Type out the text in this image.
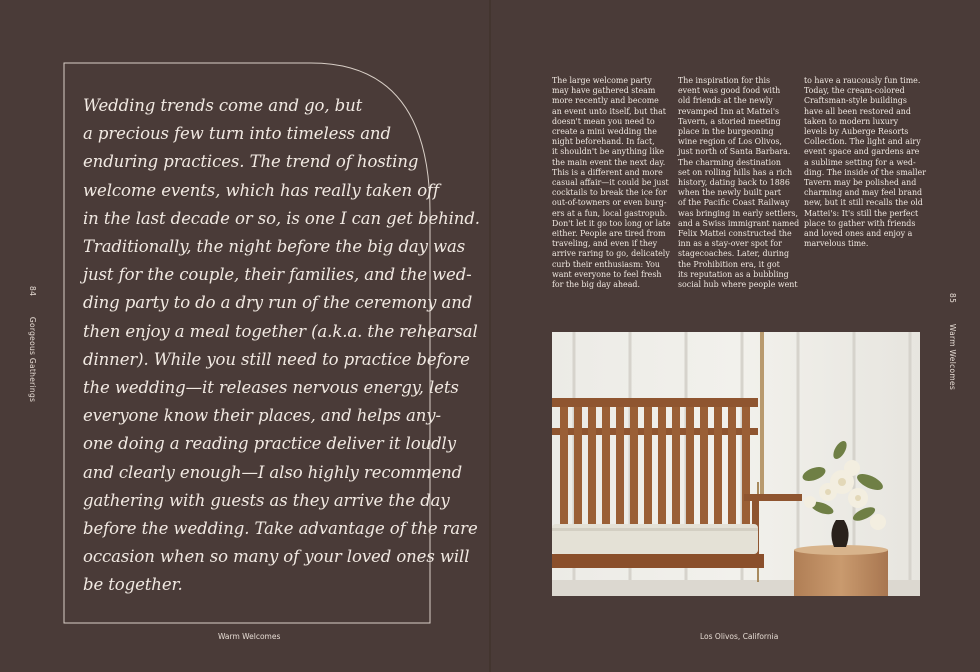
Wedding trends come and go, but
a precious few turn into timeless and
enduring practices. The trend of hosting
welcome events, which has really taken off
in the last decade or so, is one I can get behind.
Traditionally, the night before the big day was
just for the couple, their families, and the wed-
ding party to do a dry run of the ceremony and
then enjoy a meal together (a.k.a. the rehearsal
dinner). While you still need to practice before
the wedding—it releases nervous energy, lets
everyone know their places, and helps any-
one doing a reading practice deliver it loudly
and clearly enough—I also highly recommend
gathering with guests as they arrive the day
before the wedding. Take advantage of the rare
occasion when so many of your loved ones will
be together.
84 Gorgeous Gatherings
Warm Welcomes
The large welcome party
may have gathered steam
more recently and become
an event unto itself, but that
doesn't mean you need to
create a mini wedding the
night beforehand. In fact,
it shouldn't be anything like
the main event the next day.
This is a different and more
casual affair—it could be just
cocktails to break the ice for
out-of-towners or even burg-
ers at a fun, local gastropub.
Don't let it go too long or late
either. People are tired from
traveling, and even if they
arrive raring to go, delicately
curb their enthusiasm: You
want everyone to feel fresh
for the big day ahead.
The inspiration for this
event was good food with
old friends at the newly
revamped Inn at Mattei's
Tavern, a storied meeting
place in the burgeoning
wine region of Los Olivos,
just north of Santa Barbara.
The charming destination
set on rolling hills has a rich
history, dating back to 1886
when the newly built part
of the Pacific Coast Railway
was bringing in early settlers,
and a Swiss immigrant named
Felix Mattei constructed the
inn as a stay-over spot for
stagecoaches. Later, during
the Prohibition era, it got
its reputation as a bubbling
social hub where people went
to have a raucously fun time.
Today, the cream-colored
Craftsman-style buildings
have all been restored and
taken to modern luxury
levels by Auberge Resorts
Collection. The light and airy
event space and gardens are
a sublime setting for a wed-
ding. The inside of the smaller
Tavern may be polished and
charming and may feel brand
new, but it still recalls the old
Mattei's: It's still the perfect
place to gather with friends
and loved ones and enjoy a
marvelous time.
85 Warm Welcomes
Los Olivos, California
